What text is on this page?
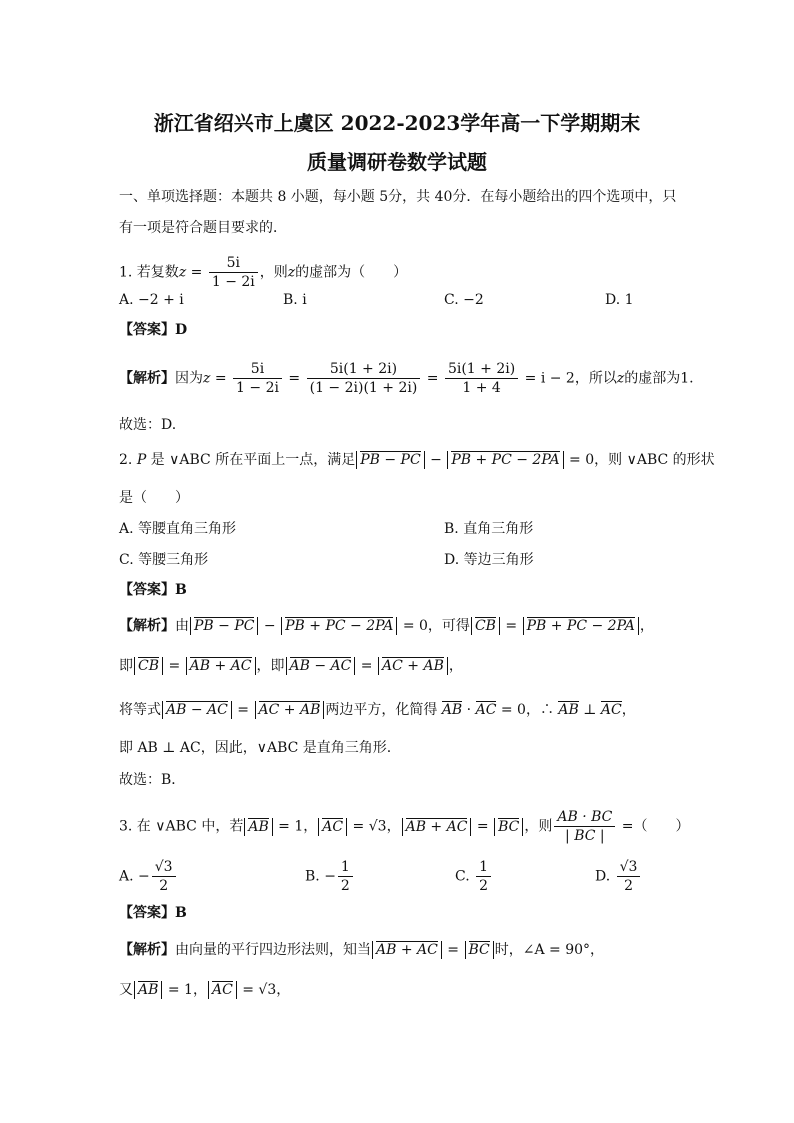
浙江省绍兴市上虞区 2022-2023学年高一下学期期末
质量调研卷数学试题
一、单项选择题：本题共 8 小题，每小题 5分，共 40分．在每小题给出的四个选项中，只
有一项是符合题目要求的．
1. 若复数$z = \frac{5i}{1 - 2i}$ ，则z的虚部为（　　）
A. −2 + i	B. i	C. −2	D. 1
【答案】D
【解析】因为$z = \frac{5i}{1 - 2i} = \frac{5i(1 + 2i)}{(1 - 2i)(1 + 2i)} = \frac{5i(1 + 2i)}{1 + 4} = i - 2$，所以z的虚部为1.
故选：D.
2. P 是 ∨ABC 所在平面上一点，满足 PB − PC − PB + PC − 2PA = 0，则 ∨ABC 的形状
是（　　）
A. 等腰直角三角形	B. 直角三角形
C. 等腰三角形	D. 等边三角形
【答案】B
【解析】由 PB − PC − PB + PC − 2PA = 0，可得 CB = PB + PC − 2PA ，
即 CB = AB + AC ，即 AB − AC = AC + AB ，
将等式 AB − AC = AC + AB 两边平方，化简得 AB · AC = 0，∴ AB ⊥ AC，
即 AB ⊥ AC，因此，∨ABC 是直角三角形.
故选：B．
3. 在 ∨ABC 中，若 AB = 1， AC = √3， AB + AC = BC ，则 $\frac{AB \cdot BC}{| BC |}$ =（　　）
A. − $\frac{√3}{2}$	B. − $\frac{1}{2}$	C. $\frac{1}{2}$	D. $\frac{√3}{2}$
【答案】B
【解析】由向量的平行四边形法则，知当 AB + AC = BC 时，∠A = 90°，
又 AB = 1， AC = √3，
